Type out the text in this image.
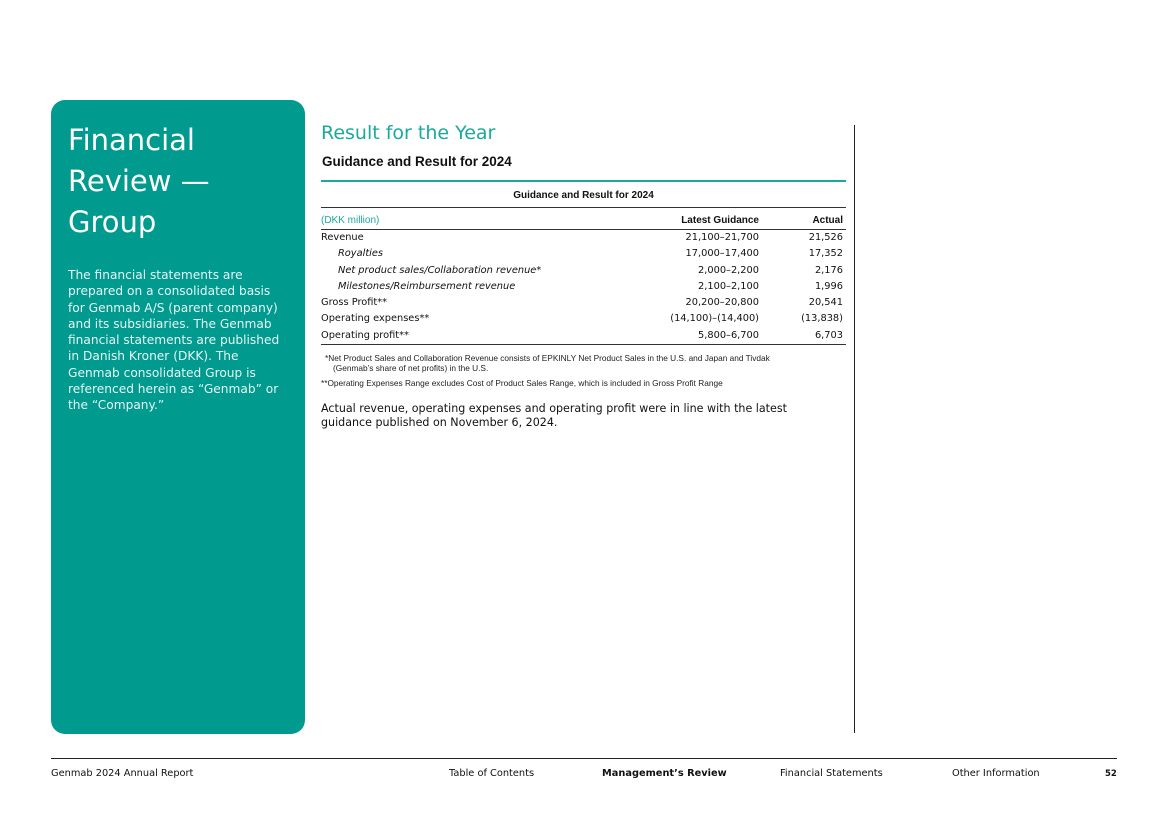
Financial
Review —
Group
The financial statements are prepared on a consolidated basis for Genmab A/S (parent company) and its subsidiaries. The Genmab financial statements are published in Danish Kroner (DKK). The Genmab consolidated Group is referenced herein as “Genmab” or the “Company.”
Result for the Year
Guidance and Result for 2024
Guidance and Result for 2024
(DKK million)	Latest Guidance	Actual
Revenue	21,100–21,700	21,526
Royalties	17,000–17,400	17,352
Net product sales/Collaboration revenue*	2,000–2,200	2,176
Milestones/Reimbursement revenue	2,100–2,100	1,996
Gross Profit**	20,200–20,800	20,541
Operating expenses**	(14,100)–(14,400)	(13,838)
Operating profit**	5,800–6,700	6,703

*Net Product Sales and Collaboration Revenue consists of EPKINLY Net Product Sales in the U.S. and Japan and Tivdak
(Genmab’s share of net profits) in the U.S.

**Operating Expenses Range excludes Cost of Product Sales Range, which is included in Gross Profit Range

Actual revenue, operating expenses and operating profit were in line with the latest guidance published on November 6, 2024.
Genmab 2024 Annual Report	Table of Contents	Management’s Review	Financial Statements	Other Information	52
